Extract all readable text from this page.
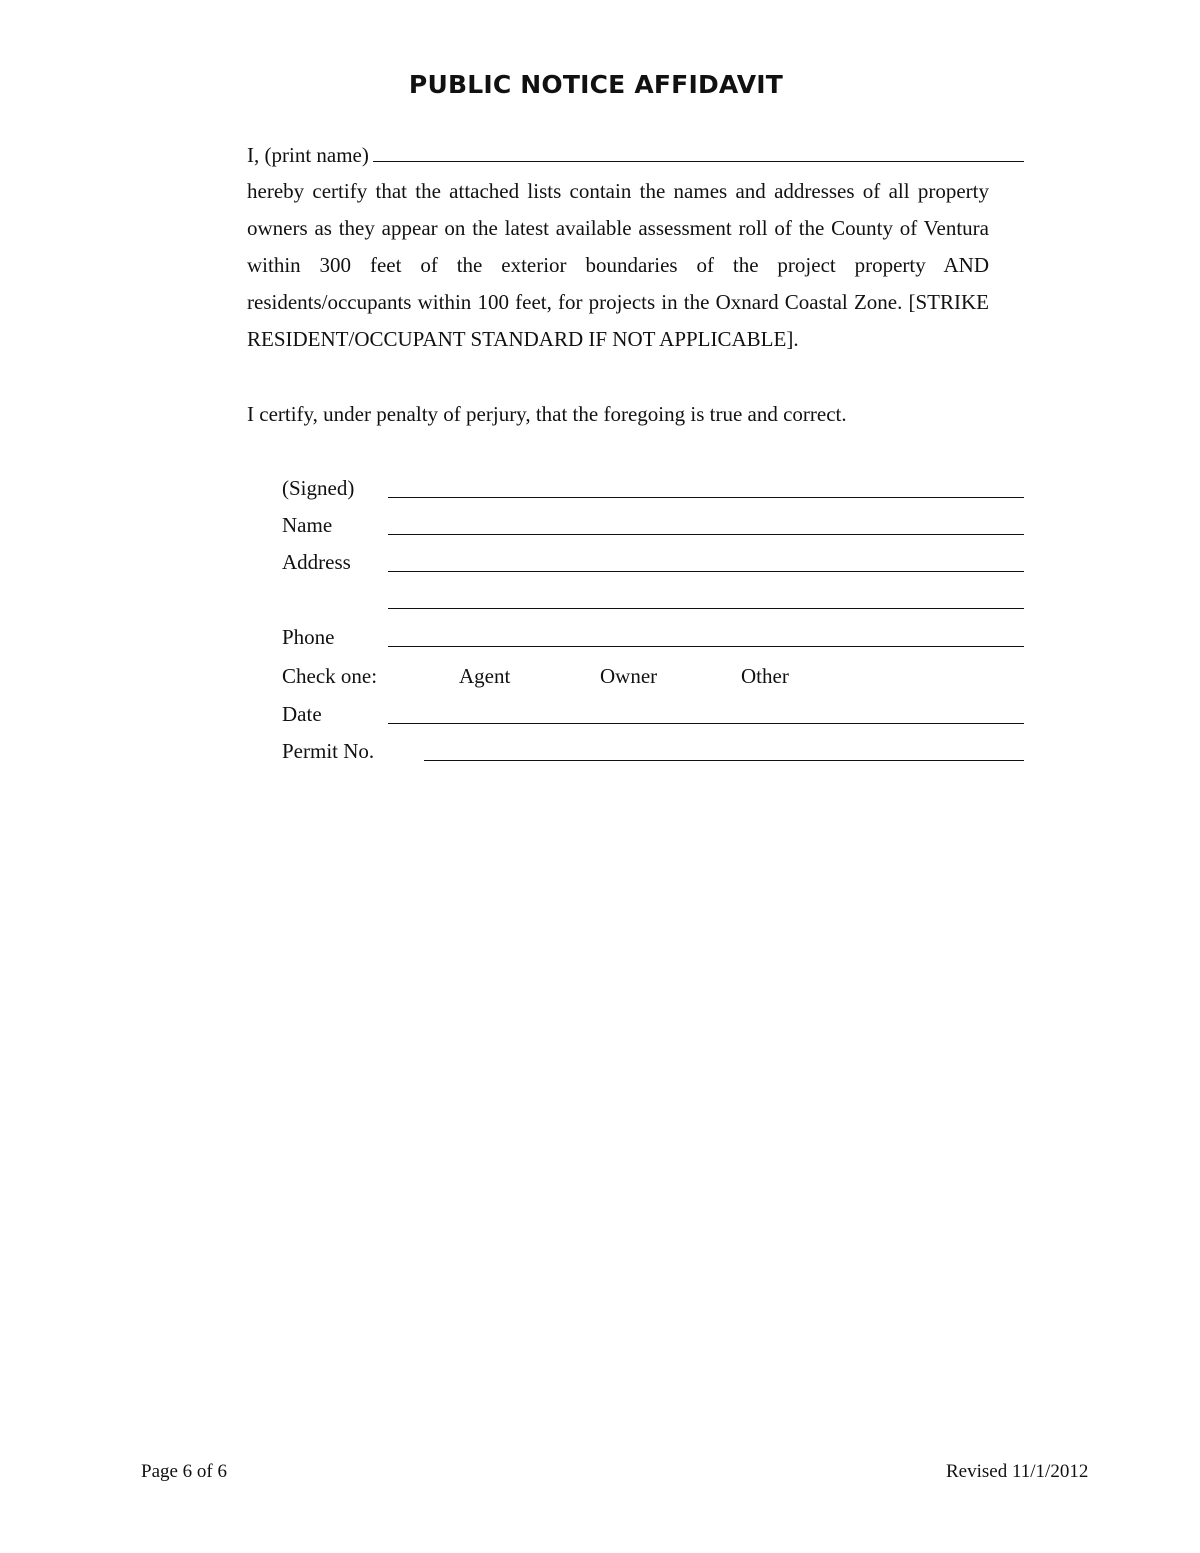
PUBLIC NOTICE AFFIDAVIT
I, (print name)
hereby certify that the attached lists contain the names and addresses of all property owners as they appear on the latest available assessment roll of the County of Ventura within 300 feet of the exterior boundaries of the project property AND residents/occupants within 100 feet, for projects in the Oxnard Coastal Zone. [STRIKE RESIDENT/OCCUPANT STANDARD IF NOT APPLICABLE].
I certify, under penalty of perjury, that the foregoing is true and correct.
(Signed)
Name
Address
Phone
Check one:	Agent	Owner	Other
Date
Permit No.
Page 6 of 6	Revised 11/1/2012
